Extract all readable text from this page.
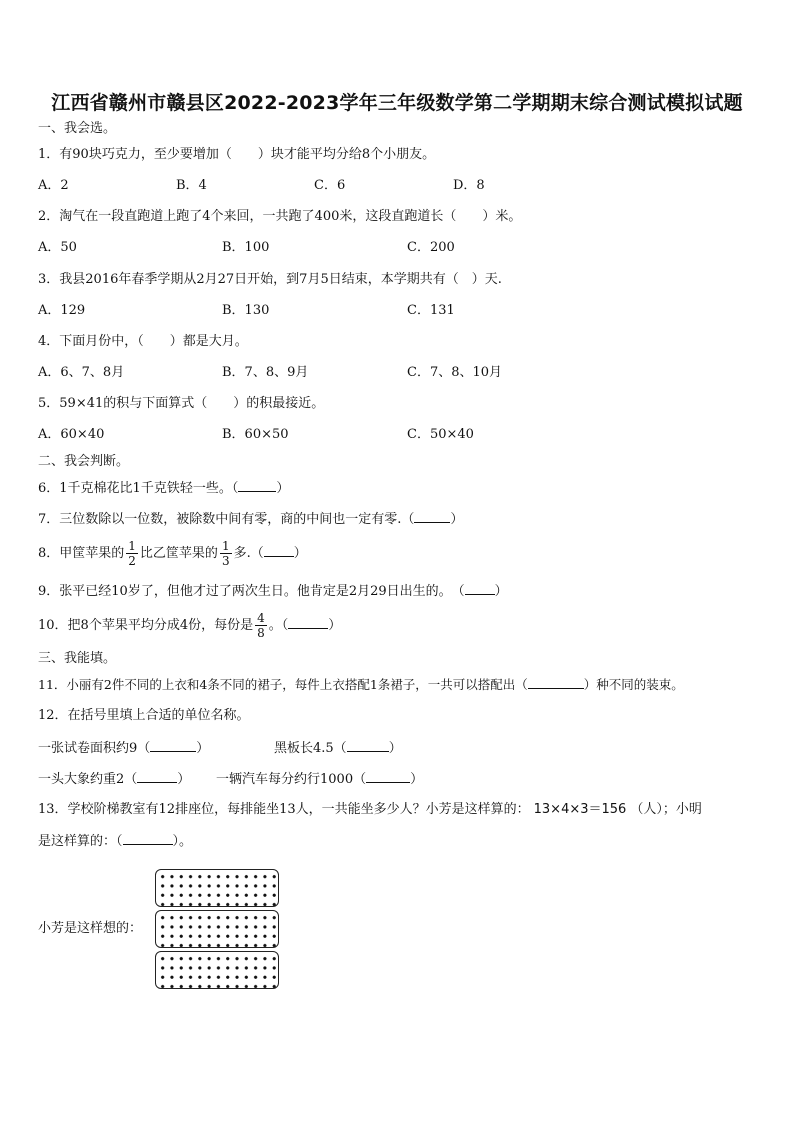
江西省赣州市赣县区2022-2023学年三年级数学第二学期期末综合测试模拟试题
一、我会选。
1．有90块巧克力，至少要增加（　　）块才能平均分给8个小朋友。
A．2	B．4	C．6	D．8
2．淘气在一段直跑道上跑了4个来回，一共跑了400米，这段直跑道长（　　）米。
A．50	B．100	C．200
3．我县2016年春季学期从2月27日开始，到7月5日结束，本学期共有（　）天.
A．129	B．130	C．131
4．下面月份中，（　　）都是大月。
A．6、7、8月	B．7、8、9月	C．7、8、10月
5．59×41的积与下面算式（　　）的积最接近。
A．60×40	B．60×50	C．50×40
二、我会判断。
6．1千克棉花比1千克铁轻一些。（	）
7．三位数除以一位数，被除数中间有零，商的中间也一定有零.（	）
8．甲筐苹果的 $\frac{1}{2}$ 比乙筐苹果的 $\frac{1}{3}$ 多.（ ）
9．张平已经10岁了，但他才过了两次生日。他肯定是2月29日出生的。　（ ）
10．把8个苹果平均分成4份，每份是 $\frac{4}{8}$ 。（	）
三、我能填。
11．小丽有2件不同的上衣和4条不同的裙子，每件上衣搭配1条裙子，一共可以搭配出（	）种不同的装束。
12．在括号里填上合适的单位名称。
一张试卷面积约9（	）	黑板长4.5（	）
一头大象约重2（	） 一辆汽车每分约行1000（	）
13．学校阶梯教室有12排座位，每排能坐13人，一共能坐多少人？小芳是这样算的： 13×4×3＝156 （人）；小明
是这样算的：（	）。
小芳是这样想的：
